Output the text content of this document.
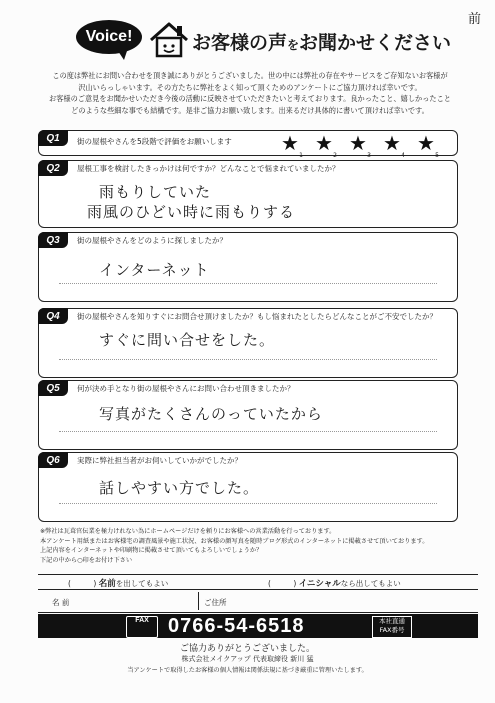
前
Voice!	お客様の声をお聞かせください

この度は弊社にお問い合わせを頂き誠にありがとうございました。世の中には弊社の存在やサービスをご存知ないお客様が

沢山いらっしゃいます。その方たちに弊社をよく知って頂くためのアンケートにご協力頂ければ幸いです。

お客様のご意見をお聞かせいただき今後の活動に反映させていただきたいと考えております。良かったこと、嬉しかったこと

どのような些細な事でも結構です。是非ご協力お願い致します。出来るだけ具体的に書いて頂ければ幸いです。

Q1	街の屋根やさんを5段階で評価をお願いします ★
1
★
2
★
3
★
4
★
5
Q2	屋根工事を検討したきっかけは何ですか？どんなことで悩まれていましたか？
雨もりしていた
雨風のひどい時に雨もりする
Q3	街の屋根やさんをどのように探しましたか？
インターネット
Q4	街の屋根やさんを知りすぐにお問合せ頂けましたか？もし悩まれたとしたらどんなことがご不安でしたか？
すぐに問い合せをした。
Q5	何が決め手となり街の屋根やさんにお問い合わせ頂きましたか？
写真がたくさんのっていたから
Q6	実際に弊社担当者がお伺いしていかがでしたか？
話しやすい方でした。

※弊社は瓦葺官伝業を極力けれない為にホームページだけを頼りにお客様への営業活動を行っております。

本アンケート用紙またはお客様宅の調査風景や施工状況、お客様の顔写真を随時ブログ形式のインターネットに掲載させて頂いております。

上記内容をインターネットや印刷物に掲載させて頂いてもよろしいでしょうか？

下記の中から○印をお付け下さい

(　　　) 名前を出してもよい	(　　　) イニシャルなら出してもよい
名 前	ご住所
FAX 0766-54-6518	本社直通
FAX番号
ご協力ありがとうございました。
株式会社メイクアップ 代表取締役 新川 猛
当アンケートで取得したお客様の個人情報は関係法規に基づき厳重に管理いたします。
